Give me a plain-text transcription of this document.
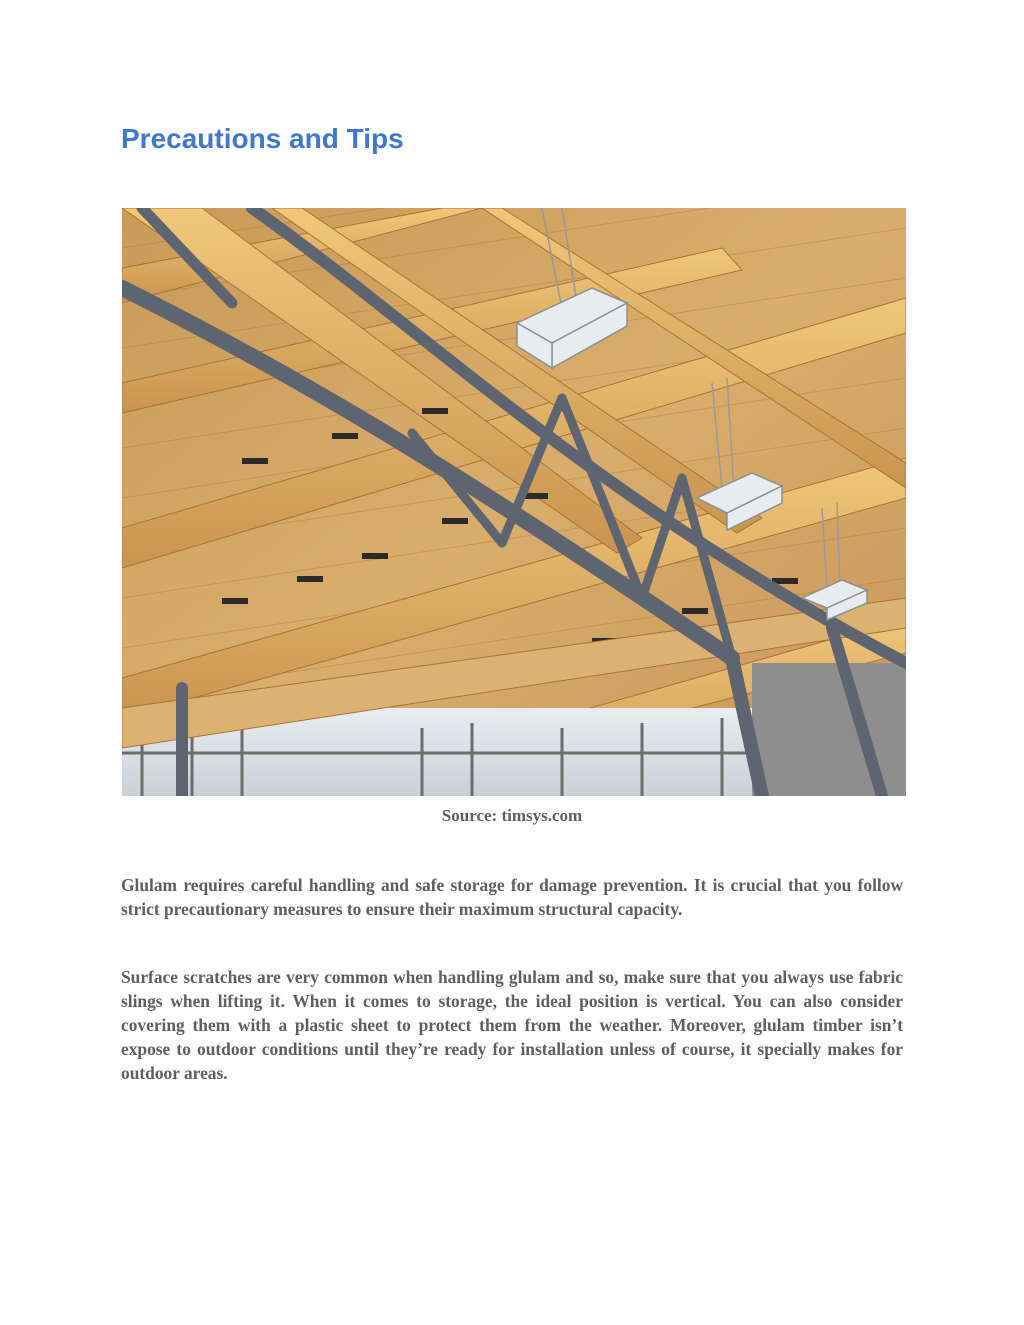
Precautions and Tips
Source: timsys.com

Glulam requires careful handling and safe storage for damage prevention. It is crucial that you follow strict precautionary measures to ensure their maximum structural capacity.

Surface scratches are very common when handling glulam and so, make sure that you always use fabric slings when lifting it. When it comes to storage, the ideal position is vertical. You can also consider covering them with a plastic sheet to protect them from the weather. Moreover, glulam timber isn’t expose to outdoor conditions until they’re ready for installation unless of course, it specially makes for outdoor areas.
